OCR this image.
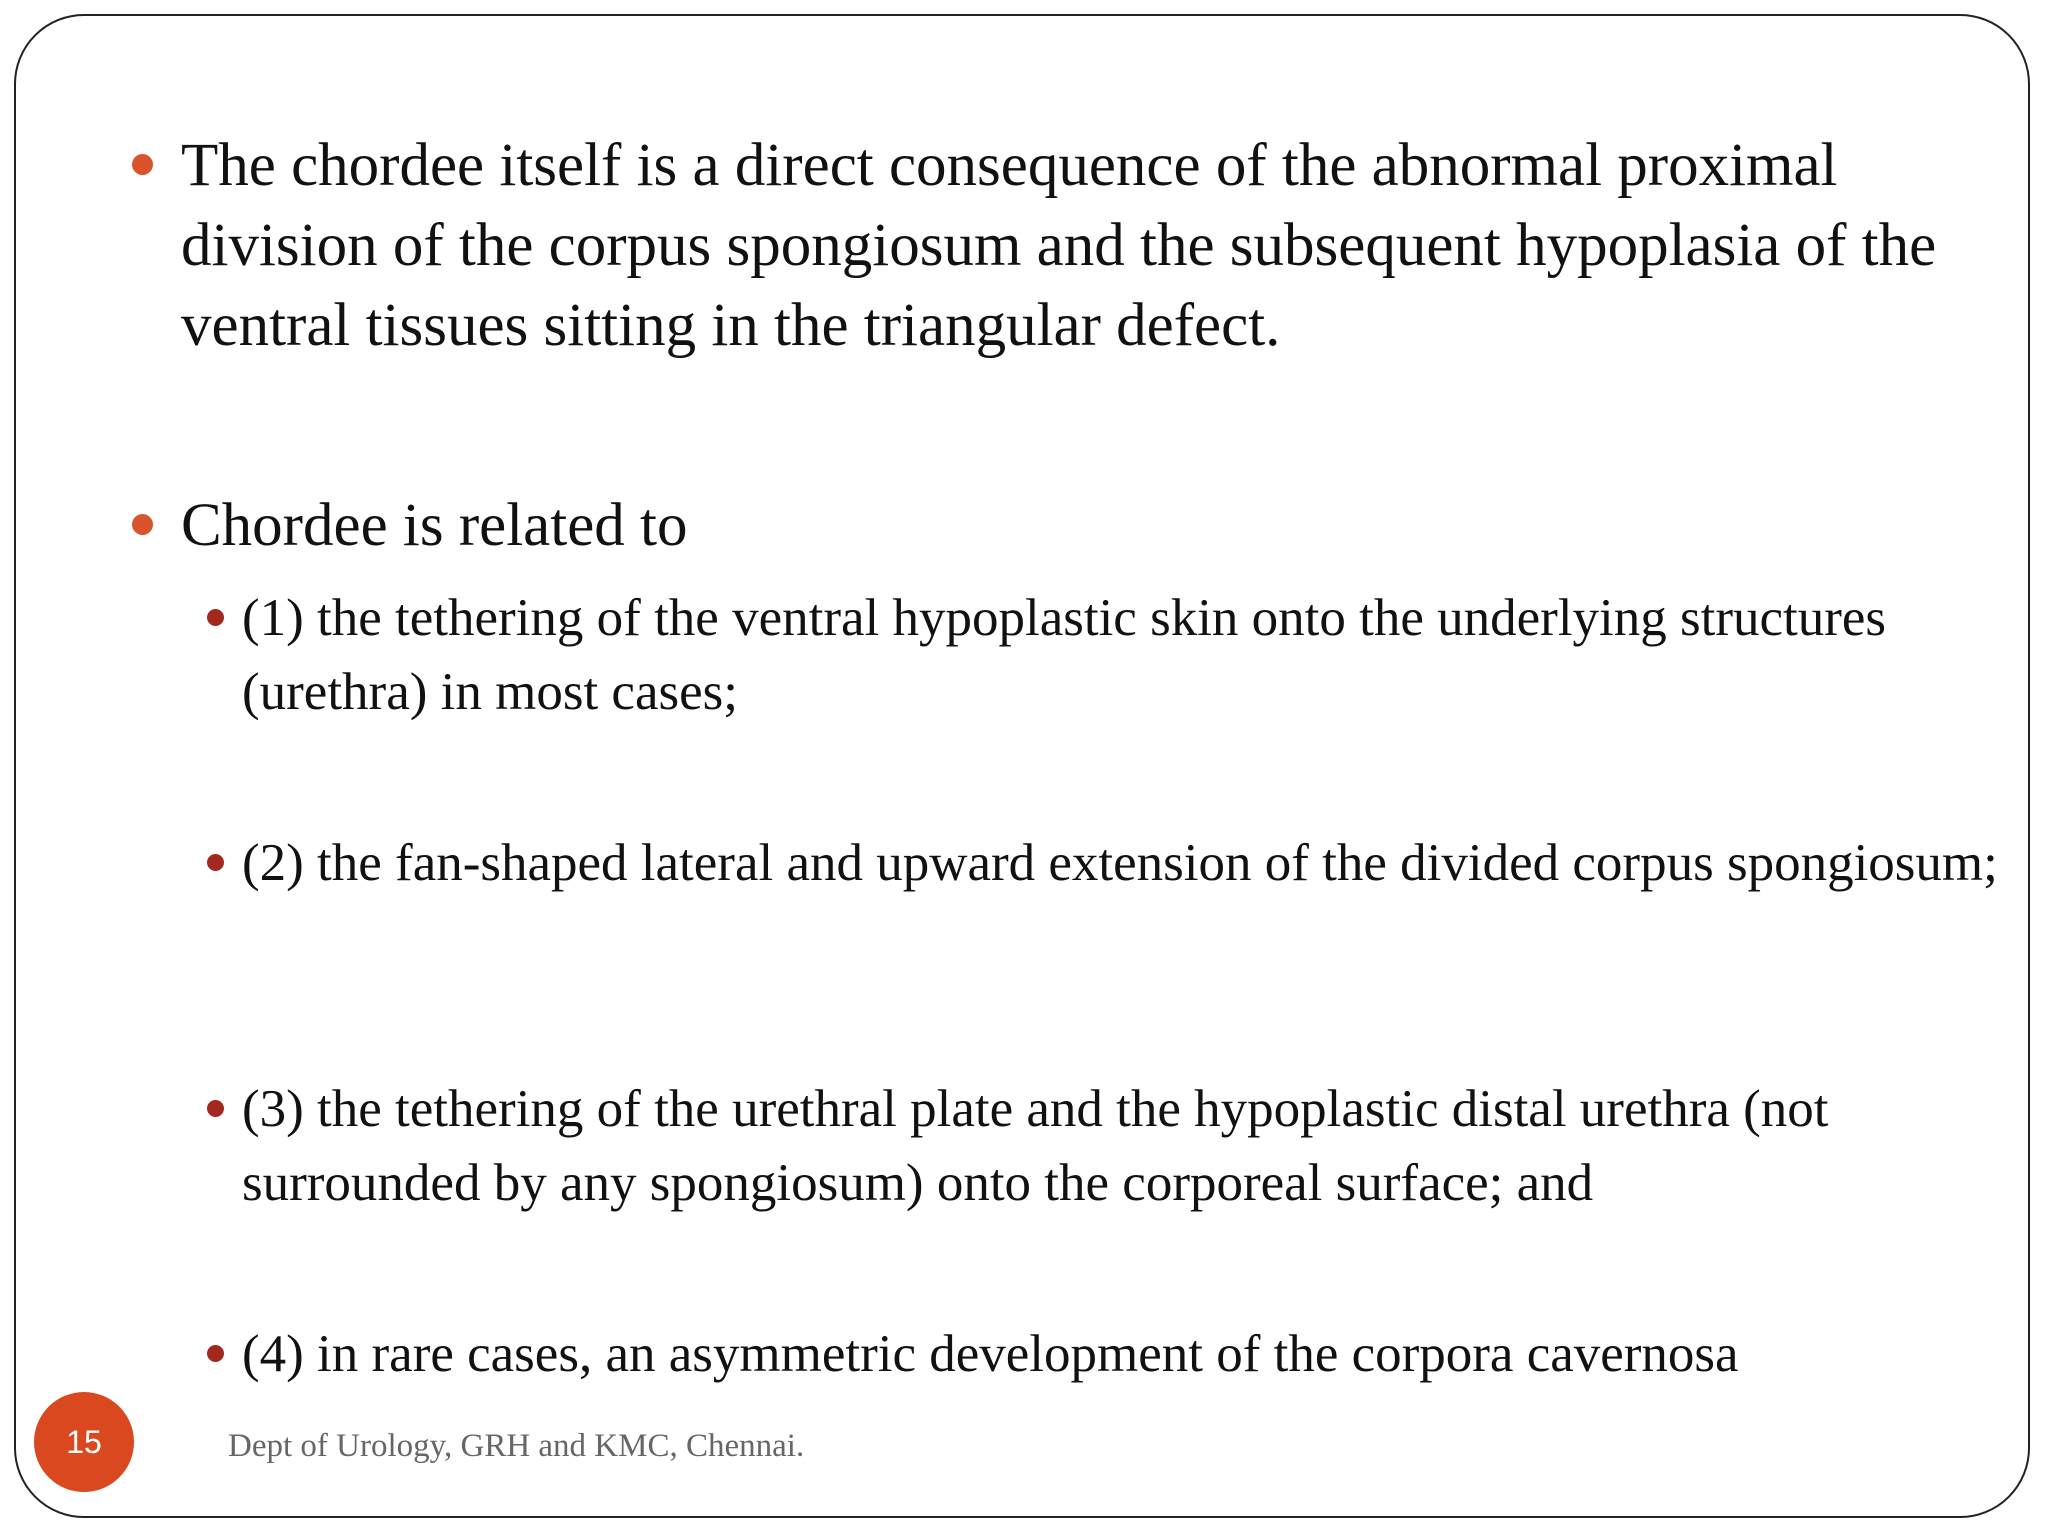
The chordee itself is a direct consequence of the abnormal proximal division of the corpus spongiosum and the subsequent hypoplasia of the ventral tissues sitting in the triangular defect.
Chordee is related to
(1) the tethering of the ventral hypoplastic skin onto the underlying structures (urethra) in most cases;
(2) the fan-shaped lateral and upward extension of the divided corpus spongiosum;
(3) the tethering of the urethral plate and the hypoplastic distal urethra (not surrounded by any spongiosum) onto the corporeal surface; and
(4) in rare cases, an asymmetric development of the corpora cavernosa
15	Dept of Urology, GRH and KMC, Chennai.
